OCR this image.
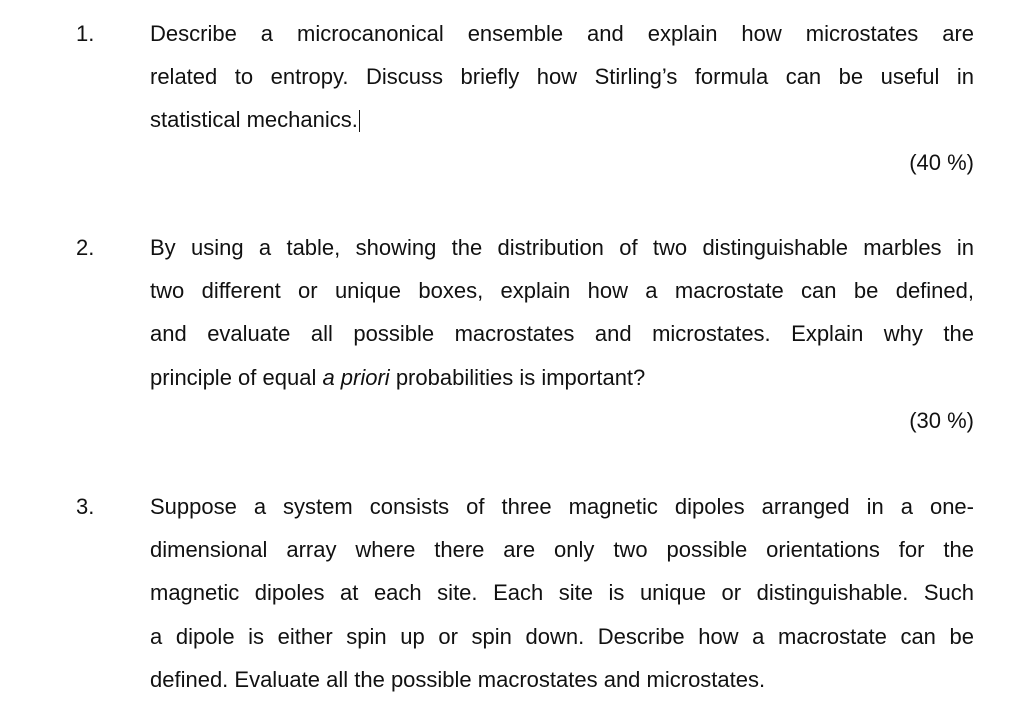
1.	Describe a microcanonical ensemble and explain how microstates are
related to entropy. Discuss briefly how Stirling’s formula can be useful in
statistical mechanics.
(40 %)
2.	By using a table, showing the distribution of two distinguishable marbles in
two different or unique boxes, explain how a macrostate can be defined,
and evaluate all possible macrostates and microstates. Explain why the
principle of equal a priori probabilities is important?
(30 %)
3.	Suppose a system consists of three magnetic dipoles arranged in a one-
dimensional array where there are only two possible orientations for the
magnetic dipoles at each site. Each site is unique or distinguishable. Such
a dipole is either spin up or spin down. Describe how a macrostate can be
defined. Evaluate all the possible macrostates and microstates.
